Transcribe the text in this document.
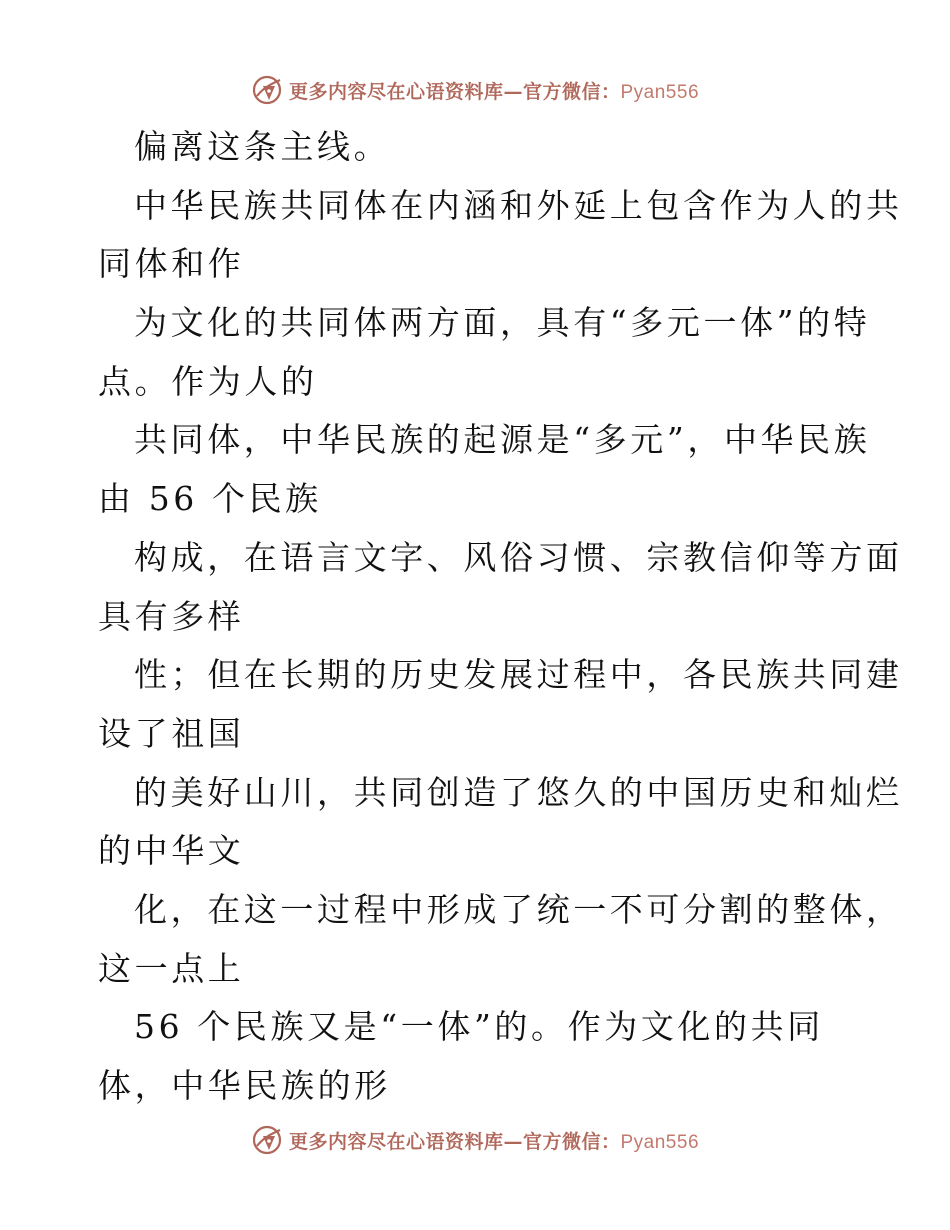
更多内容尽在心语资料库—官方微信：Pyan556
偏离这条主线。
中华民族共同体在内涵和外延上包含作为人的共
同体和作
为文化的共同体两方面，具有“多元一体”的特
点。作为人的
共同体，中华民族的起源是“多元”，中华民族
由 56 个民族
构成，在语言文字、风俗习惯、宗教信仰等方面
具有多样
性；但在长期的历史发展过程中，各民族共同建
设了祖国
的美好山川，共同创造了悠久的中国历史和灿烂
的中华文
化，在这一过程中形成了统一不可分割的整体，
这一点上
56 个民族又是“一体”的。作为文化的共同
体，中华民族的形
更多内容尽在心语资料库—官方微信：Pyan556
